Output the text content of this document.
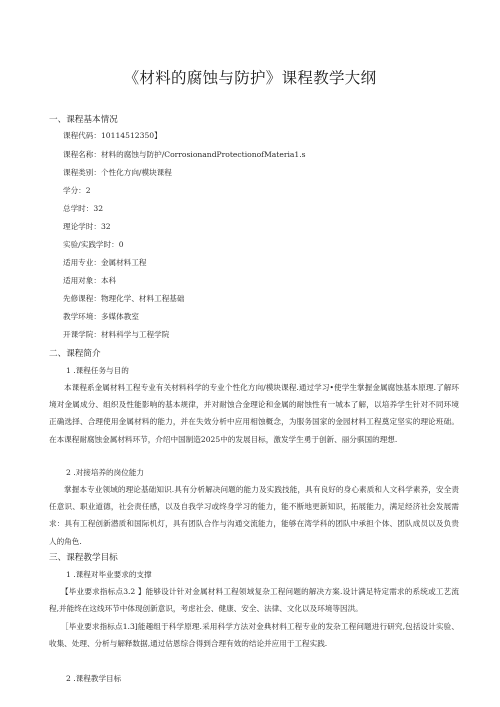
《材料的腐蚀与防护》课程教学大纲
一、课程基本情况
课程代码：10114512350】
课程名称：材料的腐蚀与防护/CorrosionandProtectionofMateria1.s
课程类别：个性化方向/模块课程
学分：2
总学时：32
理论学时：32
实验/实践学时：0
适用专业：金属材料工程
适用对象：本科
先修课程：物理化学、材料工程基础
教学环境：多媒体教室
开课学院：材料科学与工程学院
二、课程简介
1 .课程任务与目的

本课程系金属材料工程专业有关材料科学的专业个性化方向/模块课程.通过学习•使学生掌握金属腐蚀基本原理.了解环境对金属成分、组织及性能影响的基本规律，并对耐蚀合金理论和金属的耐蚀性有一城本了解，以培养学生针对不同环境正确选择、合理使用金属材料的能力，并在失效分析中应用相蚀概念，为服务国家的金园材料工程奠定坚实的理论班础。在本课程耐腐蚀金属材料环节，介绍中国制造2025中的发展目标，激发学生勇于创新、丽分骐国的理想.

2 .对接培养的岗位能力

掌握本专业领域的理论基础知识.具有分析解决问题的能力及实践技能，具有良好的身心素质和人文科学素养，安全责任意识、职业道德，社会责任感，以及自我学习或终身学习的能力，能不断地更新知识，拓展能力，满足经济社会发展需求：具有工程创新潜质和国际机灯，具有团队合作与沟通交流能力，能够在湾学科的团队中承担个体、团队成员以及负贵人的角色.

三、课程教学目标
1 .课程对毕业要求的支撑

【毕业要求指标点3.2 】能够设计针对金属材料工程领域复杂工程问题的解决方案.设计满足特定需求的系统或工艺流程,并能终在这线环节中体现创新意识，考虑社会、健康、安全、法律、文化以及环境等因洪。

［毕业要求指标点1.3]能趣组于科学原理.采用科学方法对金典材料工程专业的发杂工程问题进行研究,包括设计实验、收集、处理、分析与解释数据,通过估恩综合得到合理有效的结论并应用于工程实践.

2 .课程教学目标
